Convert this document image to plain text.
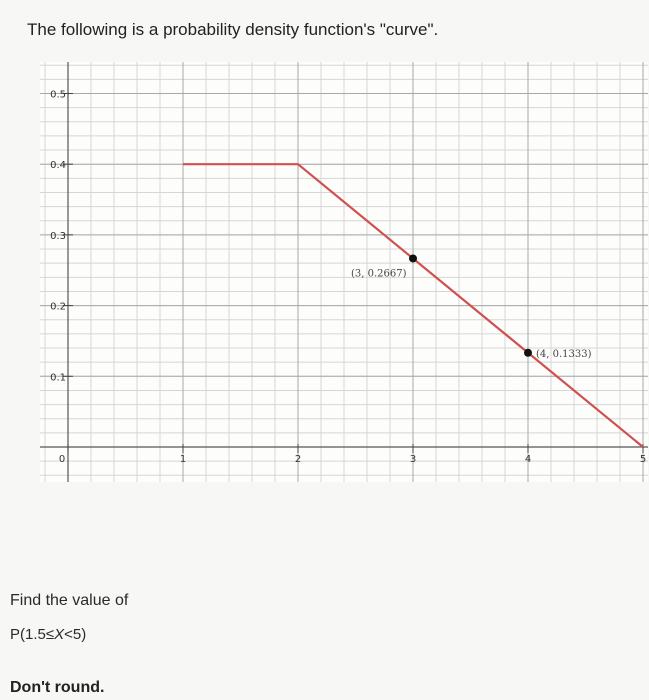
The following is a probability density function's "curve".
0.1
0.2
0.3
0.4
0.5
0	1	2	3	4	5
(3, 0.2667)
(4, 0.1333)
Find the value of
P(1.5≤X<5)
Don't round.
